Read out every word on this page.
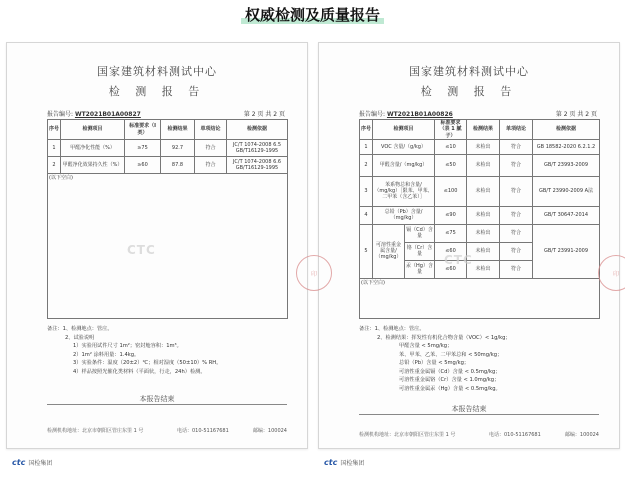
权威检测及质量报告
国家建筑材料测试中心
检 测 报 告
报告编号: WT2021B01A00827	第 2 页 共 2 页
序号	检测项目	标准要求（I 类）	检测结果	单项结论	检测依据
1	甲醛净化性能（%）	≥75	92.7	符合	JC/T 1074-2008 6.5 GB/T16129-1995
2	甲醛净化效果持久性（%）	≥60	87.8	符合	JC/T 1074-2008 6.6 GB/T16129-1995
(以下空白)					
CTC
备注：1、检测地点：管庄。
2、试验说明
1）实验用试件尺寸 1m²；密封舱容积：1m³。
2）1m² 涂料用量：1.4kg。
3）实验条件：温度（20±2）℃；相对湿度（50±10）% RH。
4）样品按照光催化类材料（平面状，行走，24h）检测。
本报告结束
检测机构地址：北京市朝阳区管庄东里 1 号	电话：010-51167681	邮编：100024
ctc 国检集团
国家建筑材料测试中心
检 测 报 告
报告编号: WT2021B01A00826	第 2 页 共 2 页
序号	检测项目		标准要求（表 1 腻子）	检测结果	单项结论	检测依据
1	VOC 含量/（g/kg）		≤10	未检出	符合	GB 18582-2020 6.2.1.2
2	甲醛含量/（mg/kg）		≤50	未检出	符合	GB/T 23993-2009
3	苯系物总和含量/（mg/kg）［限苯、甲苯、二甲苯（含乙苯）］		≤100	未检出	符合	GB/T 23990-2009 A法
4	总铅（Pb）含量/（mg/kg）		≤90	未检出	符合	GB/T 30647-2014
5	可溶性重金属含量/（mg/kg）	镉（Cd）含量	≤75	未检出	符合	GB/T 23991-2009
		铬（Cr）含量	≤60	未检出	符合	
		汞（Hg）含量	≤60	未检出	符合	
(以下空白)						
CTC
备注：1、检测地点：管庄。
2、检测结果：挥发性有机化合物含量（VOC）< 1g/kg；
甲醛含量 < 5mg/kg；
苯、甲苯、乙苯、二甲苯总和 < 50mg/kg；
总铅（Pb）含量 < 5mg/kg；
可溶性重金属镉（Cd）含量 < 0.5mg/kg；
可溶性重金属铬（Cr）含量 < 1.0mg/kg；
可溶性重金属汞（Hg）含量 < 0.5mg/kg。
本报告结束
检测机构地址：北京市朝阳区管庄东里 1 号	电话：010-51167681	邮编：100024
ctc 国检集团
印	印
